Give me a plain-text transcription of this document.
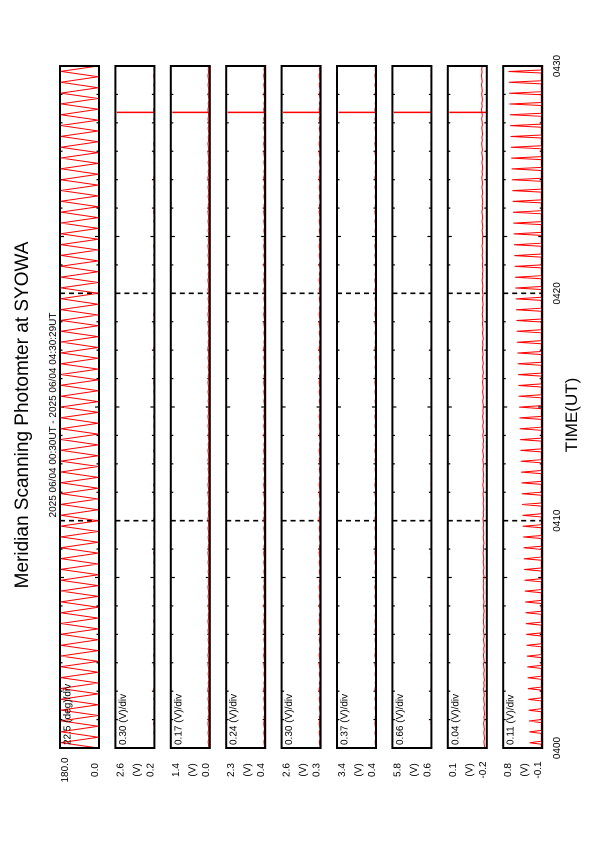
Meridian Scanning Photomter at SYOWA 2025 06/04 00:30UT - 2025 06/04 04:30:29UT
22.5 (deg)/div
180.0 0.0
0.30 (V)/div
2.6 0.2
(V)
0.17 (V)/div
1.4 0.0
(V)
0.24 (V)/div
2.3 0.4
(V)
0.30 (V)/div
2.6 0.3
(V)
0.37 (V)/div
3.4 0.4
(V)
0.66 (V)/div
5.8 0.6
(V)
0.04 (V)/div
0.1 -0.2
(V)
0.11 (V)/div
0.8 -0.1
(V)
0400
0410
0420
0430
TIME(UT)
